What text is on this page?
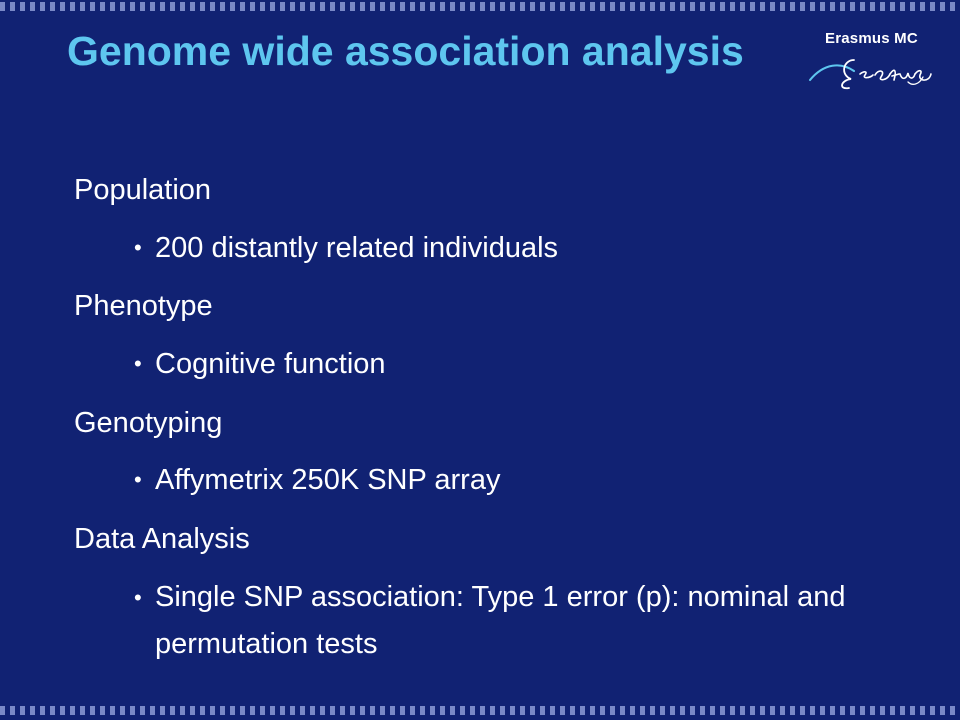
Genome wide association analysis	Erasmus MC
Population
• 200 distantly related individuals
Phenotype
• Cognitive function
Genotyping
• Affymetrix 250K SNP array
Data Analysis
• Single SNP association: Type 1 error (p): nominal and permutation tests
